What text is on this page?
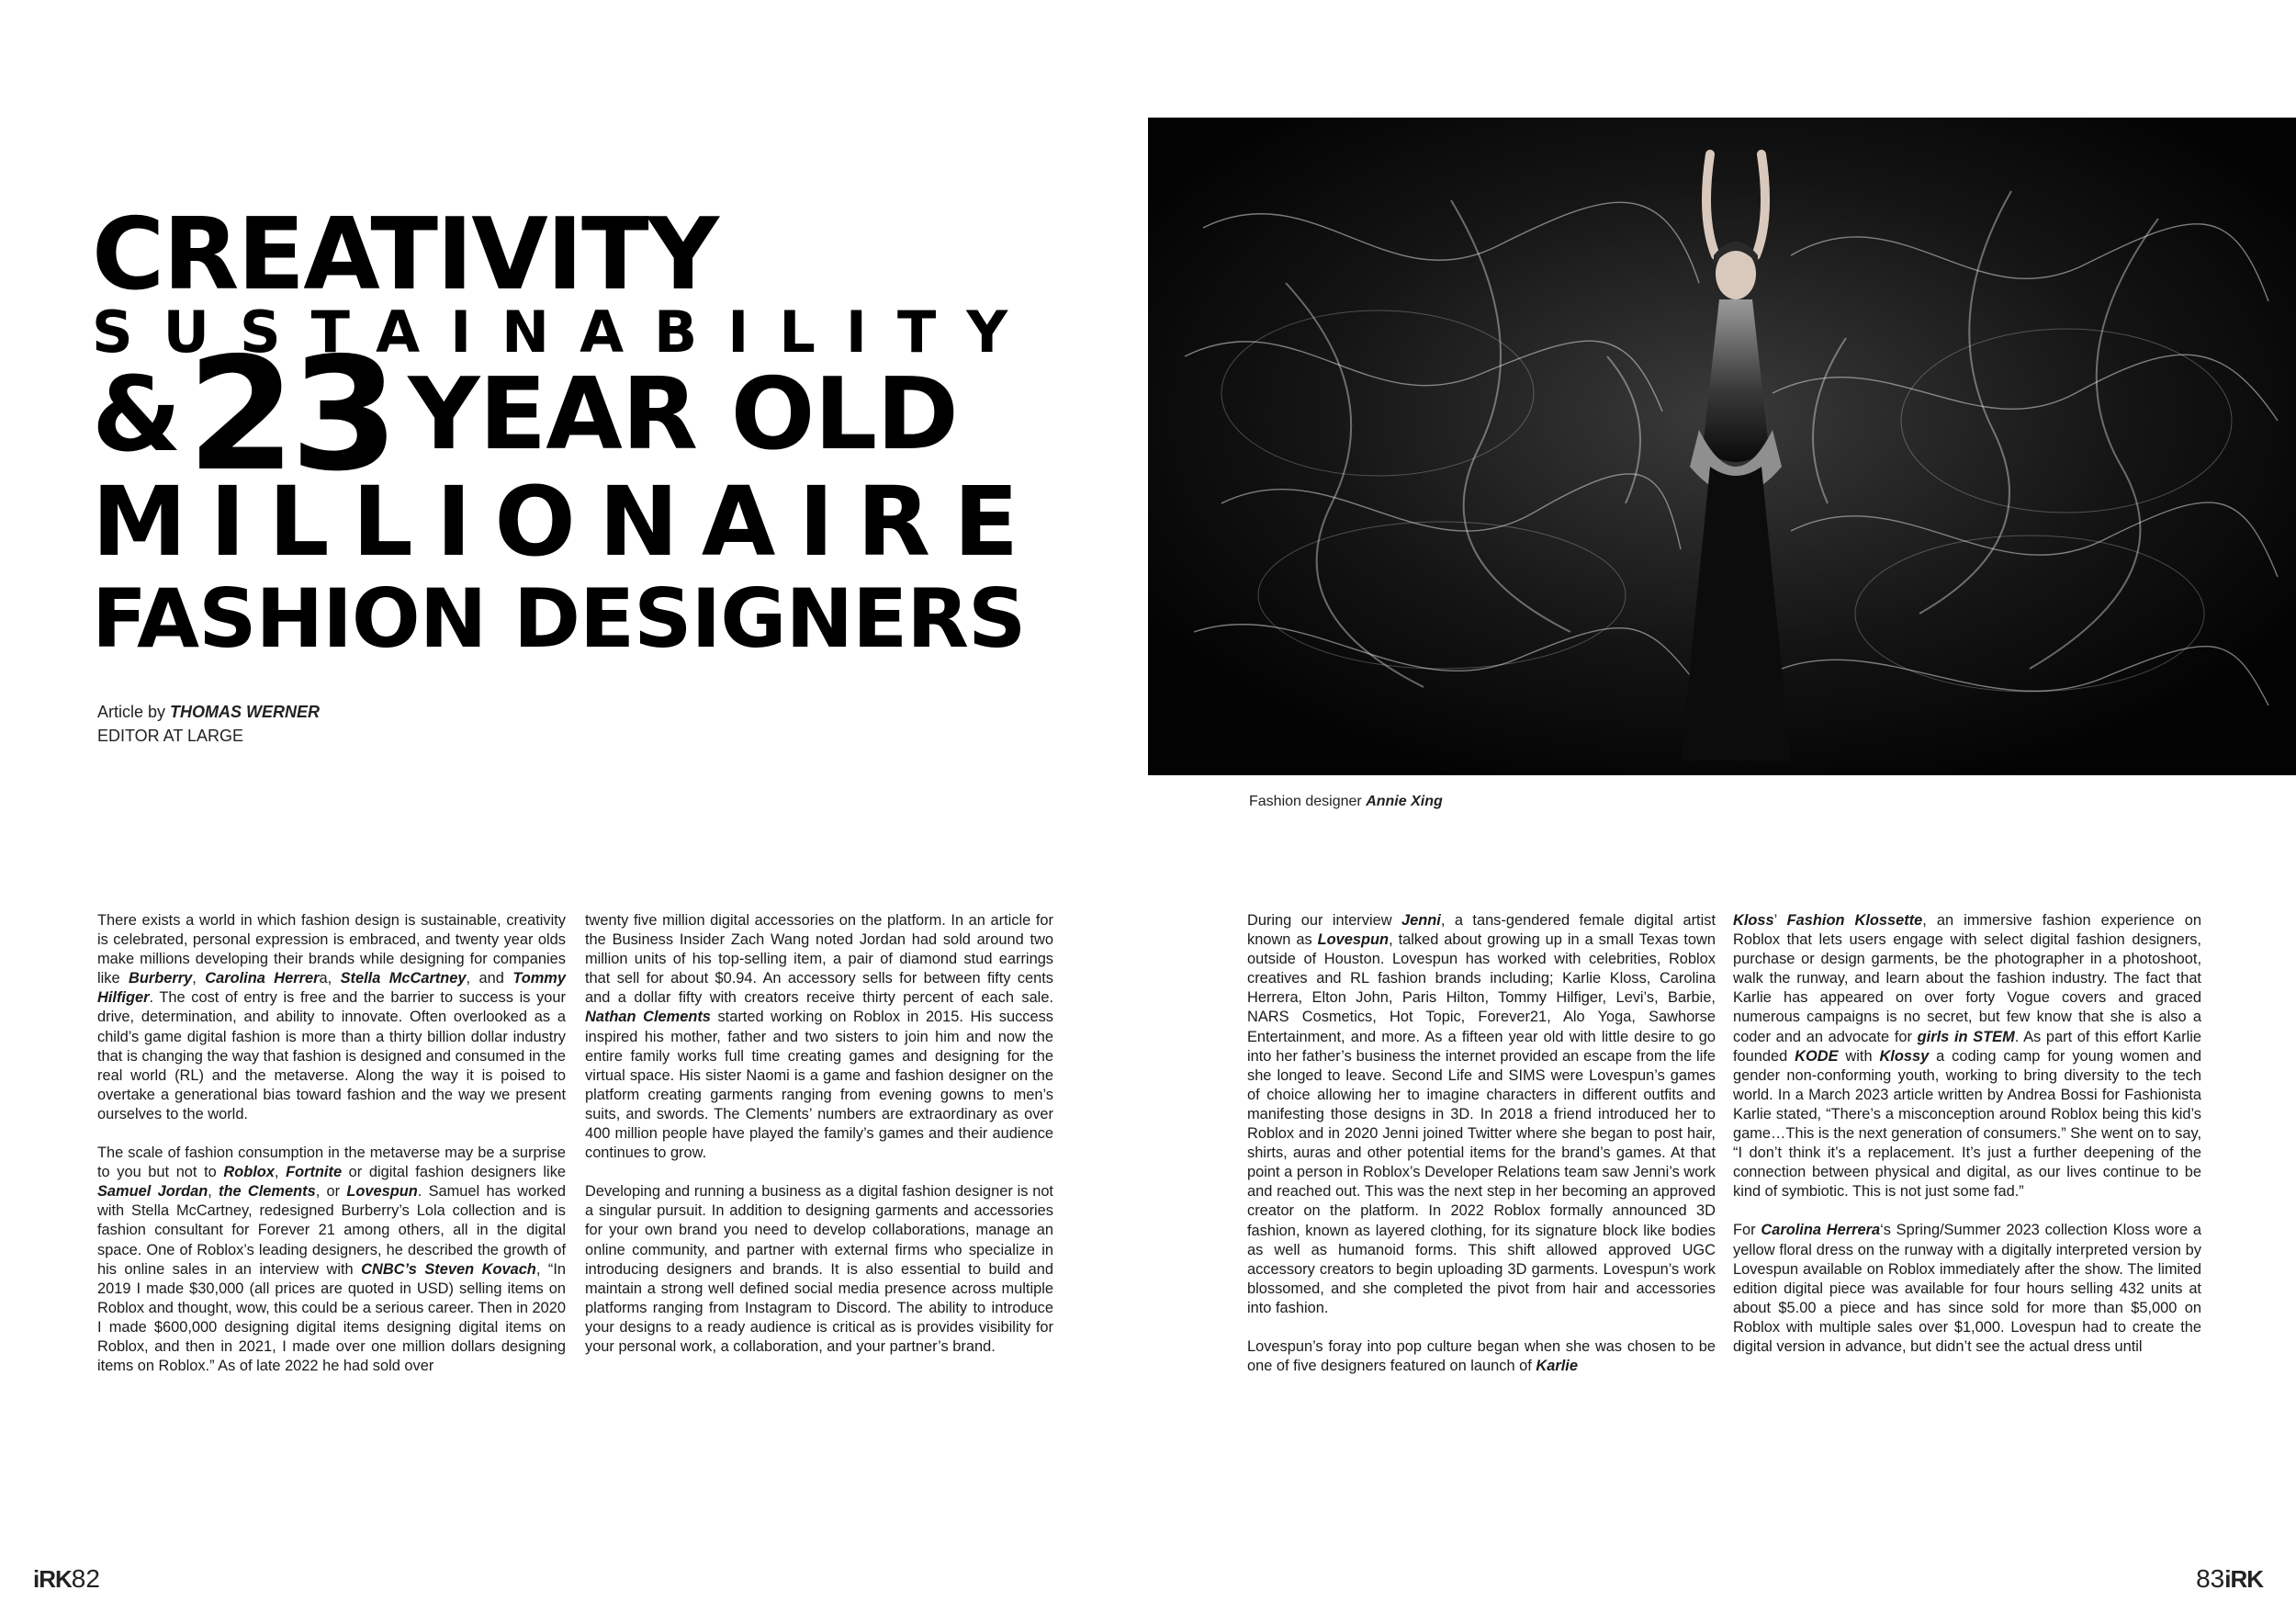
CREATIVITY
SUSTAINABILITY
& 23 YEAR OLD
MILLIONAIRE
FASHION DESIGNERS
Article by THOMAS WERNER
EDITOR AT LARGE
Fashion designer Annie Xing

There exists a world in which fashion design is sustainable, creativity is celebrated, personal expression is embraced, and twenty year olds make millions developing their brands while designing for companies like Burberry, Carolina Herrera, Stella McCartney, and Tommy Hilfiger. The cost of entry is free and the barrier to success is your drive, determination, and ability to innovate. Often overlooked as a child’s game digital fashion is more than a thirty billion dollar industry that is changing the way that fashion is designed and consumed in the real world (RL) and the metaverse. Along the way it is poised to overtake a generational bias toward fashion and the way we present ourselves to the world.

The scale of fashion consumption in the metaverse may be a surprise to you but not to Roblox, Fortnite or digital fashion designers like Samuel Jordan, the Clements, or Lovespun. Samuel has worked with Stella McCartney, redesigned Burberry’s Lola collection and is fashion consultant for Forever 21 among others, all in the digital space. One of Roblox’s leading designers, he described the growth of his online sales in an interview with CNBC’s Steven Kovach, “In 2019 I made $30,000 (all prices are quoted in USD) selling items on Roblox and thought, wow, this could be a serious career. Then in 2020 I made $600,000 designing digital items designing digital items on Roblox, and then in 2021, I made over one million dollars designing items on Roblox.” As of late 2022 he had sold over

twenty five million digital accessories on the platform. In an article for the Business Insider Zach Wang noted Jordan had sold around two million units of his top-selling item, a pair of diamond stud earrings that sell for about $0.94. An accessory sells for between fifty cents and a dollar fifty with creators receive thirty percent of each sale. Nathan Clements started working on Roblox in 2015. His success inspired his mother, father and two sisters to join him and now the entire family works full time creating games and designing for the virtual space. His sister Naomi is a game and fashion designer on the platform creating garments ranging from evening gowns to men’s suits, and swords. The Clements’ numbers are extraordinary as over 400 million people have played the family’s games and their audience continues to grow.

Developing and running a business as a digital fashion designer is not a singular pursuit. In addition to designing garments and accessories for your own brand you need to develop collaborations, manage an online community, and partner with external firms who specialize in introducing designers and brands. It is also essential to build and maintain a strong well defined social media presence across multiple platforms ranging from Instagram to Discord. The ability to introduce your designs to a ready audience is critical as is provides visibility for your personal work, a collaboration, and your partner’s brand.

During our interview Jenni, a tans-gendered female digital artist known as Lovespun, talked about growing up in a small Texas town outside of Houston. Lovespun has worked with celebrities, Roblox creatives and RL fashion brands including; Karlie Kloss, Carolina Herrera, Elton John, Paris Hilton, Tommy Hilfiger, Levi’s, Barbie, NARS Cosmetics, Hot Topic, Forever21, Alo Yoga, Sawhorse Entertainment, and more. As a fifteen year old with little desire to go into her father’s business the internet provided an escape from the life she longed to leave. Second Life and SIMS were Lovespun’s games of choice allowing her to imagine characters in different outfits and manifesting those designs in 3D. In 2018 a friend introduced her to Roblox and in 2020 Jenni joined Twitter where she began to post hair, shirts, auras and other potential items for the brand’s games. At that point a person in Roblox’s Developer Relations team saw Jenni’s work and reached out. This was the next step in her becoming an approved creator on the platform. In 2022 Roblox formally announced 3D fashion, known as layered clothing, for its signature block like bodies as well as humanoid forms. This shift allowed approved UGC accessory creators to begin uploading 3D garments. Lovespun’s work blossomed, and she completed the pivot from hair and accessories into fashion.

Lovespun’s foray into pop culture began when she was chosen to be one of five designers featured on launch of Karlie

Kloss’ Fashion Klossette, an immersive fashion experience on Roblox that lets users engage with select digital fashion designers, purchase or design garments, be the photographer in a photoshoot, walk the runway, and learn about the fashion industry. The fact that Karlie has appeared on over forty Vogue covers and graced numerous campaigns is no secret, but few know that she is also a coder and an advocate for girls in STEM. As part of this effort Karlie founded KODE with Klossy a coding camp for young women and gender non-conforming youth, working to bring diversity to the tech world. In a March 2023 article written by Andrea Bossi for Fashionista Karlie stated, “There’s a misconception around Roblox being this kid’s game…This is the next generation of consumers.” She went on to say, “I don’t think it’s a replacement. It’s just a further deepening of the connection between physical and digital, as our lives continue to be kind of symbiotic. This is not just some fad.”

For Carolina Herrera‘s Spring/Summer 2023 collection Kloss wore a yellow floral dress on the runway with a digitally interpreted version by Lovespun available on Roblox immediately after the show. The limited edition digital piece was available for four hours selling 432 units at about $5.00 a piece and has since sold for more than $5,000 on Roblox with multiple sales over $1,000. Lovespun had to create the digital version in advance, but didn’t see the actual dress until

iRK 82	83 iRK
